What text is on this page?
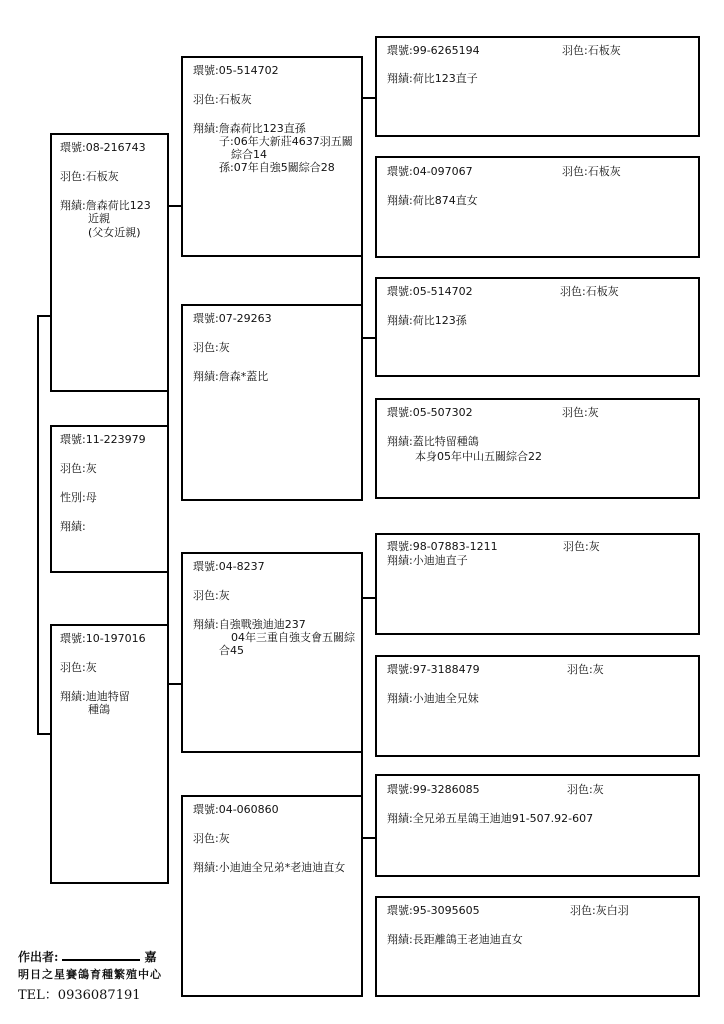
環號:08-216743
羽色:石板灰
翔績:詹森荷比123
近親
(父女近親)
環號:11-223979
羽色:灰
性別:母
翔績:
環號:10-197016
羽色:灰
翔績:迪迪特留
種鴿
環號:05-514702
羽色:石板灰
翔績:詹森荷比123直孫
子:06年大新莊4637羽五關
綜合14
孫:07年自強5關綜合28
環號:07-29263
羽色:灰
翔績:詹森*蓋比
環號:04-8237
羽色:灰
翔績:自強戰強迪迪237
04年三重自強支會五關綜
合45
環號:04-060860
羽色:灰
翔績:小迪迪全兄弟*老迪迪直女
環號:99-6265194	羽色:石板灰
翔績:荷比123直子
環號:04-097067	羽色:石板灰
翔績:荷比874直女
環號:05-514702	羽色:石板灰
翔績:荷比123孫
環號:05-507302	羽色:灰
翔績:蓋比特留種鴿
本身05年中山五關綜合22
環號:98-07883-1211	羽色:灰
翔績:小迪迪直子
環號:97-3188479	羽色:灰
翔績:小迪迪全兄妹
環號:99-3286085	羽色:灰
翔績:全兄弟五星鴿王迪迪91-507.92-607
環號:95-3095605	羽色:灰白羽
翔績:長距離鴿王老迪迪直女
作出者:	嘉
明日之星賽鴿育種繁殖中心
TEL：0936087191
